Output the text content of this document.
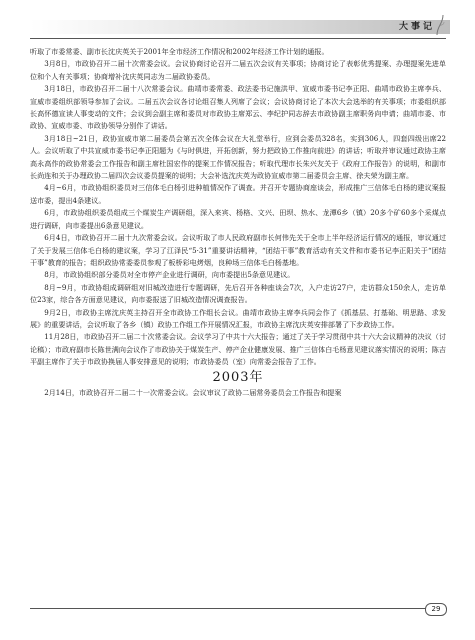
大事记

听取了市委常委、副市长沈庆英关于2001年全市经济工作情况和2002年经济工作计划的通报。

3月8日，市政协召开二届十次常委会议。会议协商讨论召开二届五次会议有关事项；协商讨论了表彰优秀提案、办理提案先进单位和个人有关事项；协商增补沈庆英同志为二届政协委员。

3月18日，市政协召开二届十八次常委会议。曲靖市委常委、政法委书记施洪甲、宣威市委书记李正阳、曲靖市政协主席李兵、宣威市委组织部领导参加了会议。二届五次会议各讨论组召集人列席了会议；会议协商讨论了本次大会选举的有关事项；市委组织部长高怀德宣读人事变动的文件；会议到会副主席和委员对市政协主席郑云、李纪护同志辞去市政协副主席职务向申请；曲靖市委、市政协、宣威市委、市政协领导分别作了讲话。

3月18日~21日，政协宣威市第二届委员会第五次全体会议在大礼堂举行，应到会委员328名，实到306人，四套四级出席22人。会议听取了中共宣威市委书记李正阳题为《与时俱进，开拓创新，努力把政协工作推向前进》的讲话；听取并审议通过政协主席高永高作的政协常委会工作报告和副主席杜国宏作的提案工作情况报告；听取代理市长朱兴友关于《政府工作报告》的说明，和副市长尚连和关于办理政协二届四次会议委员提案的说明；大会补选沈庆英为政协宣威市第二届委员会主席、徐夫荣为副主席。

4月~6月，市政协组织委员对三信体毛白杨引进种植情况作了调查。并召开专题协商座谈会，形成推广三信体毛白杨的建议案报送市委，提出4条建议。

6月，市政协组织委员组成三个煤炭生产调研组，深入来宾、杨格、文兴、田坝、热水、龙潭6乡（镇）20多个矿60多个采煤点进行调研，向市委提出6条意见建议。

6月4日，市政协召开二届十九次常委会议。会议听取了市人民政府副市长何伟先关于全市上半年经济运行情况的通报，审议通过了关于发展三信体毛白杨的建议案，学习了江泽民“5·31”重要讲话精神，“团结干事”教育活动有关文件和市委书记李正阳关于“团结干事”教育的报告；组织政协常委委员参观了板桥彩电烤烟，良种场三信体毛白杨基地。

8月，市政协组织部分委员对全市停产企业进行调研，向市委提出5条意见建议。

8月~9月，市政协组成调研组对旧城改造进行专题调研，先后召开各种座谈会7次，入户走访27户，走访群众150余人，走访单位23家，综合各方面意见建议，向市委报送了旧城改造情况调查报告。

9月2日，市政协主席沈庆英主持召开全市政协工作组长会议。曲靖市政协主席李兵同会作了《抓基层、打基础、明思路、求发展》的重要讲话，会议听取了各乡（镇）政协工作组工作开展情况汇报，市政协主席沈庆英安排部署了下步政协工作。

11月28日，市政协召开二届二十次常委会议。会议学习了中共十六大报告；通过了关于学习贯彻中共十六大会议精神的决议（讨论稿）；市政府副市长陈世满向会议作了市政协关于煤炭生产、停产企业健康发展、推广三信体白毛杨意见建议落实情况的说明；陈吉平副主席作了关于市政协换届人事安排意见的说明；市政协委员（室）向常委会报告了工作。

2003年

2月14日，市政协召开二届二十一次常委会议。会议审议了政协二届常务委员会工作报告和提案

29
